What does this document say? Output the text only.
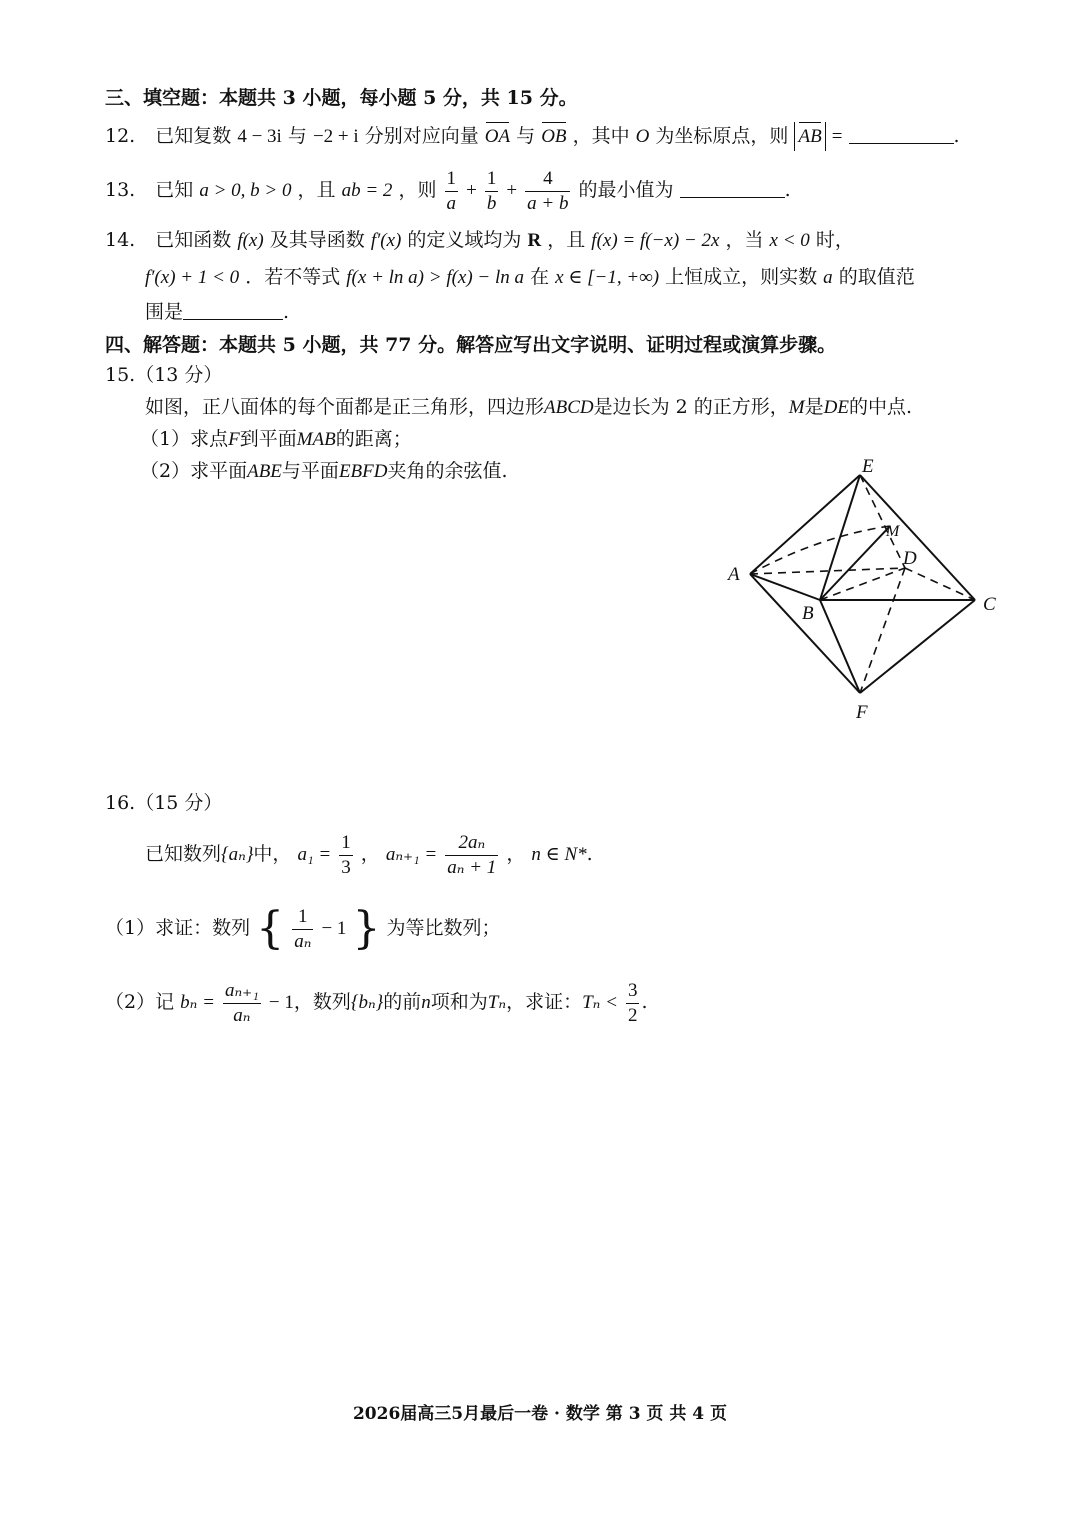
三、填空题：本题共 3 小题，每小题 5 分，共 15 分。
12. 已知复数 4 − 3i 与 −2 + i 分别对应向量 OA 与 OB ，其中 O 为坐标原点，则 AB =	.
13. 已知 a > 0, b > 0 ，且 ab = 2 ，则 $\frac{1}{a} + \frac{1}{b} + \frac{4}{a + b}$ 的最小值为	.
14. 已知函数 f(x) 及其导函数 f′(x) 的定义域均为 R ，且 f(x) = f(−x) − 2x ，当 x < 0 时，
f′(x) + 1 < 0 ．若不等式 f(x + ln a) > f(x) − ln a 在 x ∈ [−1, +∞) 上恒成立，则实数 a 的取值范
围是	.
四、解答题：本题共 5 小题，共 77 分。解答应写出文字说明、证明过程或演算步骤。
15.（13 分）
如图，正八面体的每个面都是正三角形，四边形ABCD是边长为 2 的正方形，M是DE的中点.
（1）求点F到平面MAB的距离；
（2）求平面ABE与平面EBFD夹角的余弦值.	E
M
D
A
B	C
F
16.（15 分）
已知数列{aₙ}中， $a_1 = \frac{1}{3}$ ， $a_{n+1} = \frac{\text{2aₙ}}{\text{aₙ + 1}}$ ， n ∈ N*.
（1）求证：数列 { $\frac{1}{\text{aₙ}} - 1$ } 为等比数列；
（2）记 $b_n = \frac{\text{aₙ₊₁}}{\text{aₙ}} - 1$，数列{bₙ}的前n项和为Tₙ，求证：$T_n < \frac{3}{2}$ .
2026届高三5月最后一卷 · 数学 第 3 页 共 4 页
